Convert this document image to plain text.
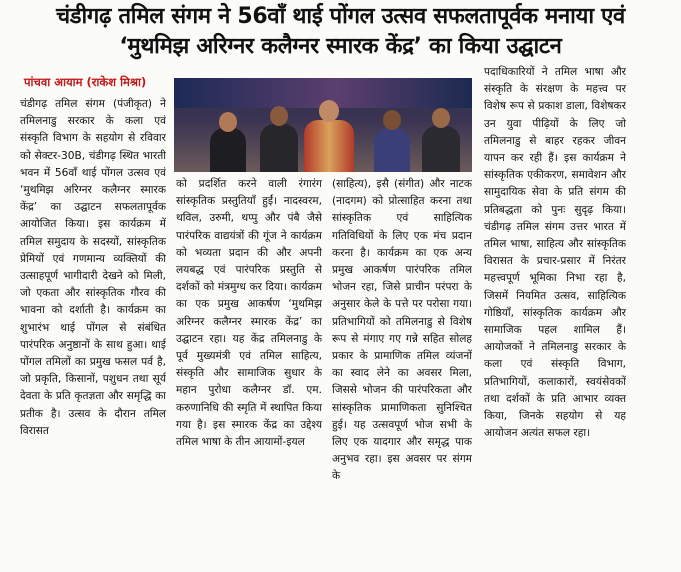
चंडीगढ़ तमिल संगम ने 56वाँ थाई पोंगल उत्सव सफलतापूर्वक मनाया एवं
‘मुथमिझ अरिग्नर कलैग्नर स्मारक केंद्र’ का किया उद्घाटन
पांचवा आयाम (राकेश मिश्रा)

चंडीगढ़ तमिल संगम (पंजीकृत) ने तमिलनाडु सरकार के कला एवं संस्कृति विभाग के सहयोग से रविवार को सेक्टर-30B, चंडीगढ़ स्थित भारती भवन में 56वाँ थाई पोंगल उत्सव एवं ‘मुथमिझ अरिग्नर कलैग्नर स्मारक केंद्र’ का उद्घाटन सफलतापूर्वक आयोजित किया। इस कार्यक्रम में तमिल समुदाय के सदस्यों, सांस्कृतिक प्रेमियों एवं गणमान्य व्यक्तियों की उत्साहपूर्ण भागीदारी देखने को मिली, जो एकता और सांस्कृतिक गौरव की भावना को दर्शाती है। कार्यक्रम का शुभारंभ थाई पोंगल से संबंधित पारंपरिक अनुष्ठानों के साथ हुआ। थाई पोंगल तमिलों का प्रमुख फसल पर्व है, जो प्रकृति, किसानों, पशुधन तथा सूर्य देवता के प्रति कृतज्ञता और समृद्धि का प्रतीक है। उत्सव के दौरान तमिल विरासत

को प्रदर्शित करने वाली रंगारंग सांस्कृतिक प्रस्तुतियाँ हुईं। नादस्वरम, थविल, उरुमी, थप्पु और पंबै जैसे पारंपरिक वाद्ययंत्रों की गूंज ने कार्यक्रम को भव्यता प्रदान की और अपनी लयबद्ध एवं पारंपरिक प्रस्तुति से दर्शकों को मंत्रमुग्ध कर दिया। कार्यक्रम का एक प्रमुख आकर्षण ‘मुथमिझ अरिग्नर कलैग्नर स्मारक केंद्र’ का उद्घाटन रहा। यह केंद्र तमिलनाडु के पूर्व मुख्यमंत्री एवं तमिल साहित्य, संस्कृति और सामाजिक सुधार के महान पुरोधा कलैग्नर डॉ. एम. करुणानिधि की स्मृति में स्थापित किया गया है। इस स्मारक केंद्र का उद्देश्य तमिल भाषा के तीन आयामों-इयल

(साहित्य), इसै (संगीत) और नाटक (नादगम) को प्रोत्साहित करना तथा सांस्कृतिक एवं साहित्यिक गतिविधियों के लिए एक मंच प्रदान करना है। कार्यक्रम का एक अन्य प्रमुख आकर्षण पारंपरिक तमिल भोजन रहा, जिसे प्राचीन परंपरा के अनुसार केले के पत्ते पर परोसा गया। प्रतिभागियों को तमिलनाडु से विशेष रूप से मंगाए गए गन्ने सहित सोलह प्रकार के प्रामाणिक तमिल व्यंजनों का स्वाद लेने का अवसर मिला, जिससे भोजन की पारंपरिकता और सांस्कृतिक प्रामाणिकता सुनिश्चित हुई। यह उत्सवपूर्ण भोज सभी के लिए एक यादगार और समृद्ध पाक अनुभव रहा। इस अवसर पर संगम के

पदाधिकारियों ने तमिल भाषा और संस्कृति के संरक्षण के महत्त्व पर विशेष रूप से प्रकाश डाला, विशेषकर उन युवा पीढ़ियों के लिए जो तमिलनाडु से बाहर रहकर जीवन यापन कर रही हैं। इस कार्यक्रम ने सांस्कृतिक एकीकरण, समावेशन और सामुदायिक सेवा के प्रति संगम की प्रतिबद्धता को पुनः सुदृढ़ किया। चंडीगढ़ तमिल संगम उत्तर भारत में तमिल भाषा, साहित्य और सांस्कृतिक विरासत के प्रचार-प्रसार में निरंतर महत्त्वपूर्ण भूमिका निभा रहा है, जिसमें नियमित उत्सव, साहित्यिक गोष्ठियाँ, सांस्कृतिक कार्यक्रम और सामाजिक पहल शामिल हैं। आयोजकों ने तमिलनाडु सरकार के कला एवं संस्कृति विभाग, प्रतिभागियों, कलाकारों, स्वयंसेवकों तथा दर्शकों के प्रति आभार व्यक्त किया, जिनके सहयोग से यह आयोजन अत्यंत सफल रहा।
